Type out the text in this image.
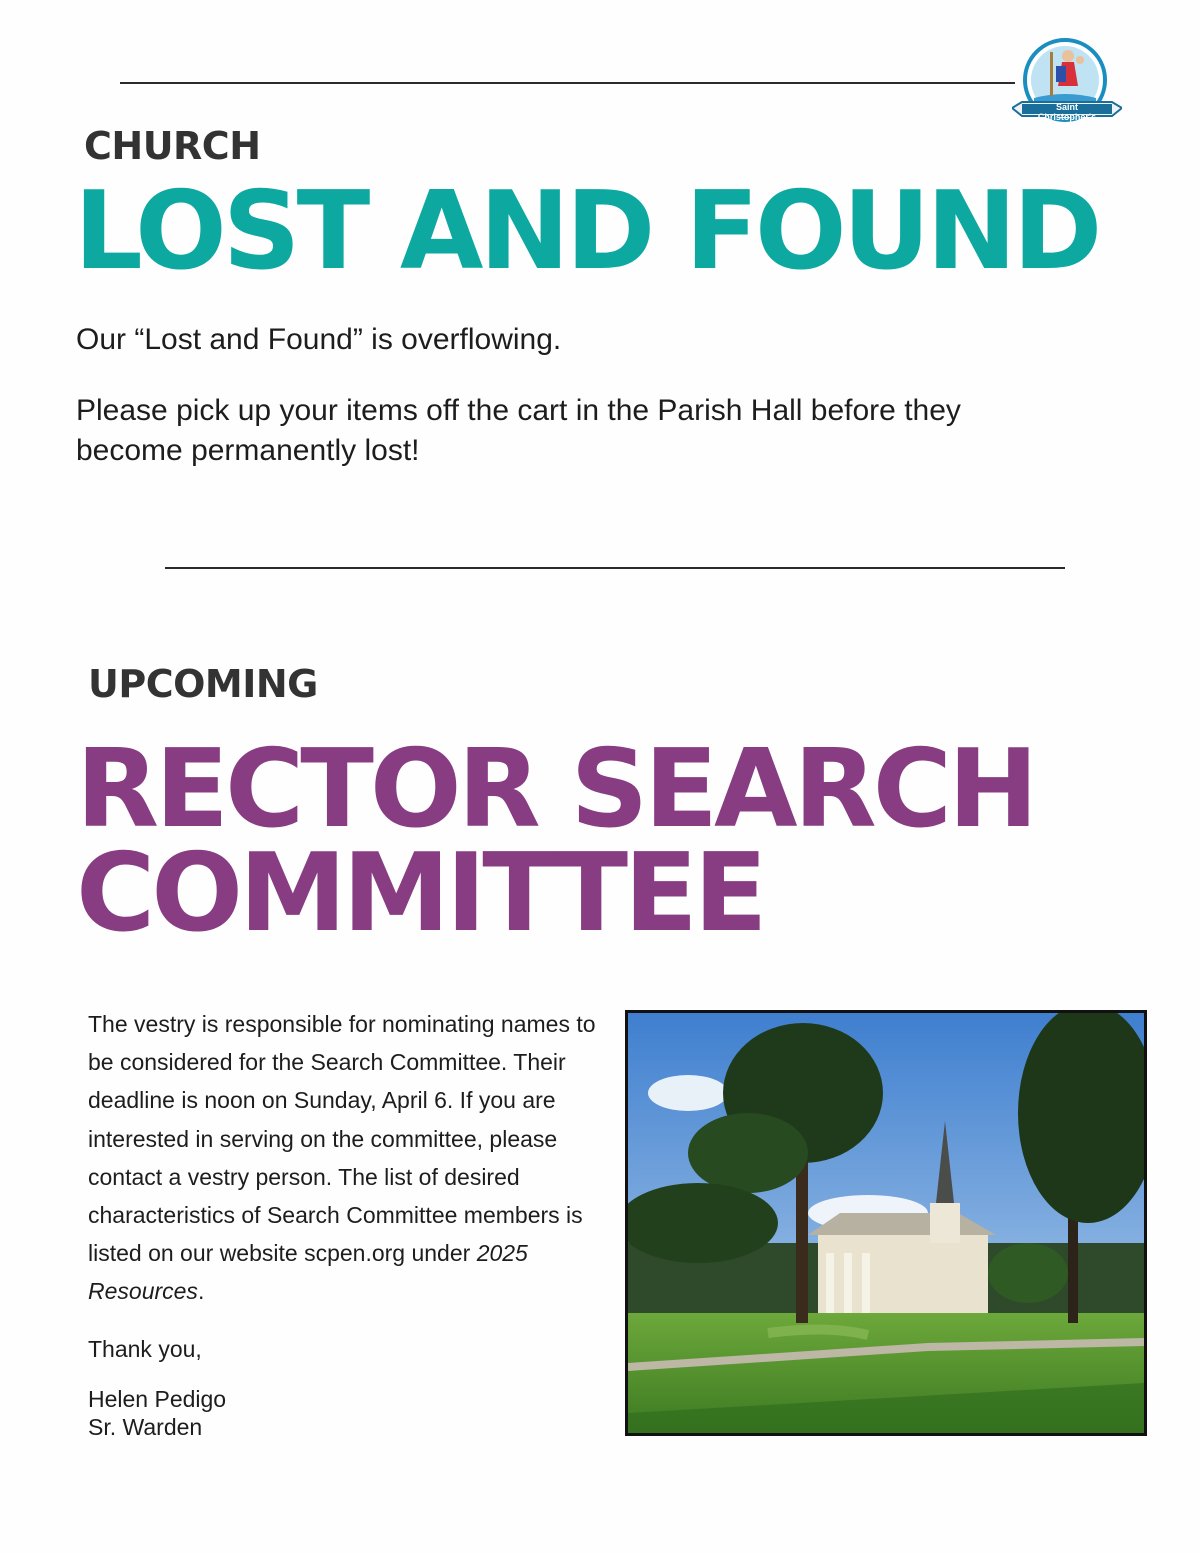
Saint Christopher's
CHURCH
LOST AND FOUND
Our “Lost and Found” is overflowing.
Please pick up your items off the cart in the Parish Hall before they become permanently lost!
UPCOMING
RECTOR SEARCH
COMMITTEE
The vestry is responsible for nominating names to be considered for the Search Committee. Their deadline is noon on Sunday, April 6. If you are interested in serving on the committee, please contact a vestry person. The list of desired characteristics of Search Committee members is listed on our website scpen.org under 2025 Resources.
Thank you,
Helen Pedigo
Sr. Warden
